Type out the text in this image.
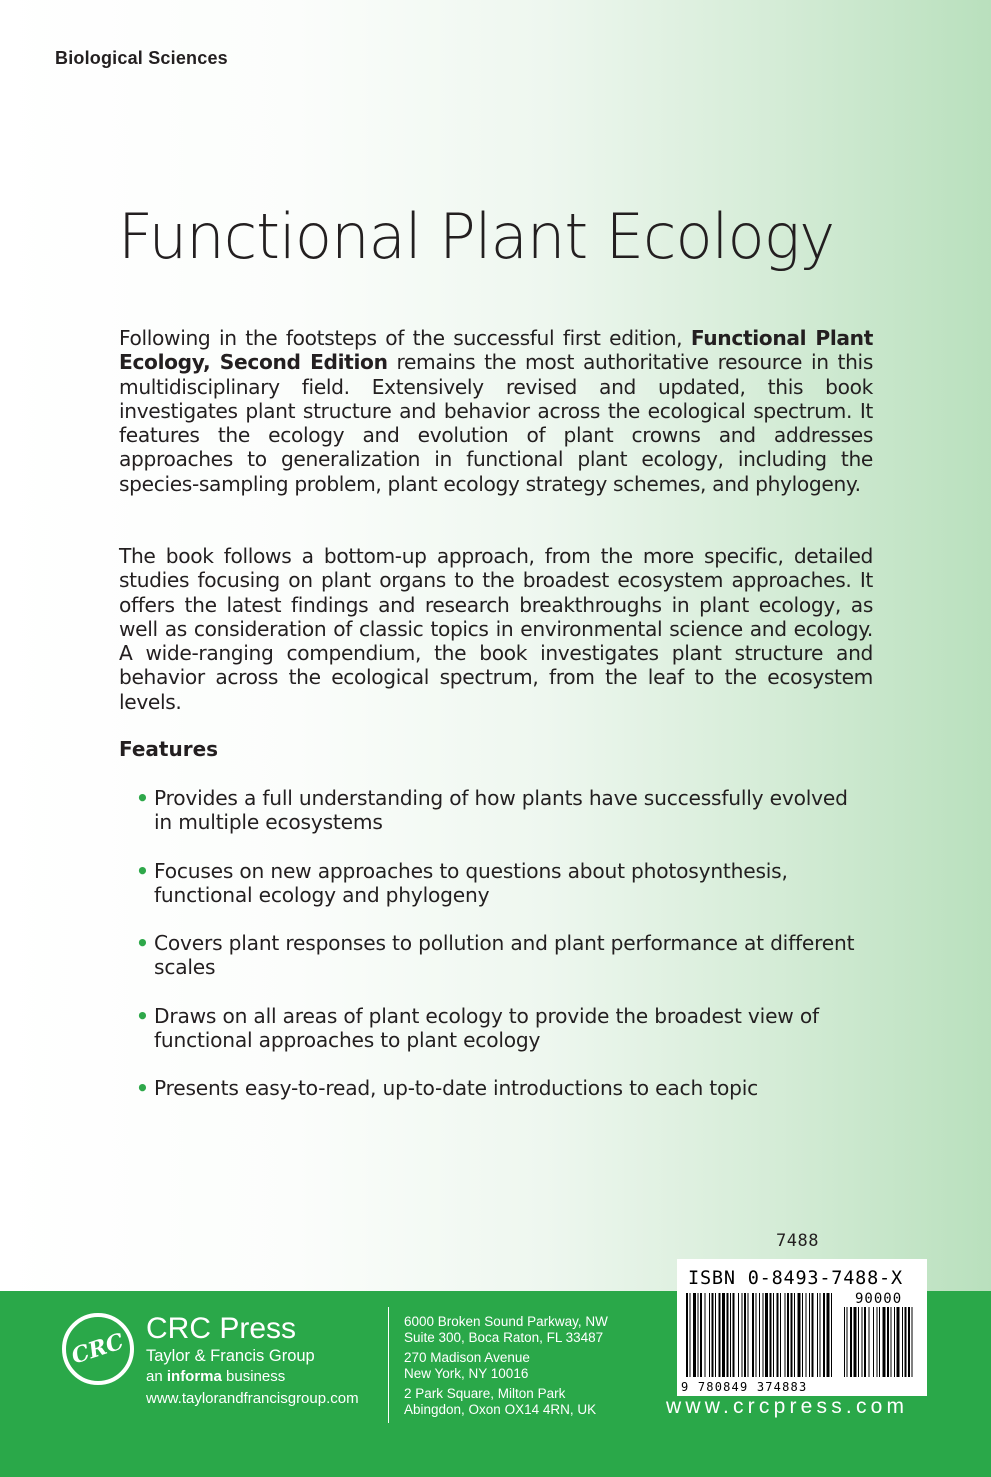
Biological Sciences
Functional Plant Ecology
Following in the footsteps of the successful first edition, Functional Plant Ecology, Second Edition remains the most authoritative resource in this multidisciplinary field. Extensively revised and updated, this book investigates plant structure and behavior across the ecological spectrum. It features the ecology and evolution of plant crowns and addresses approaches to generalization in functional plant ecology, including the species-sampling problem, plant ecology strategy schemes, and phylogeny.
The book follows a bottom-up approach, from the more specific, detailed studies focusing on plant organs to the broadest ecosystem approaches. It offers the latest findings and research breakthroughs in plant ecology, as well as consideration of classic topics in environmental science and ecology. A wide-ranging compendium, the book investigates plant structure and behavior across the ecological spectrum, from the leaf to the ecosystem levels.
Features
• Provides a full understanding of how plants have successfully evolved in multiple ecosystems
• Focuses on new approaches to questions about photosynthesis, functional ecology and phylogeny
• Covers plant responses to pollution and plant performance at different scales
• Draws on all areas of plant ecology to provide the broadest view of functional approaches to plant ecology
• Presents easy-to-read, up-to-date introductions to each topic
7488
CRC CRC Press
Taylor & Francis Group
an informa business
www.taylorandfrancisgroup.com
6000 Broken Sound Parkway, NW
Suite 300, Boca Raton, FL 33487
270 Madison Avenue
New York, NY 10016
2 Park Square, Milton Park
Abingdon, Oxon OX14 4RN, UK
ISBN 0-8493-7488-X
90000
9 780849 374883
www.crcpress.com
